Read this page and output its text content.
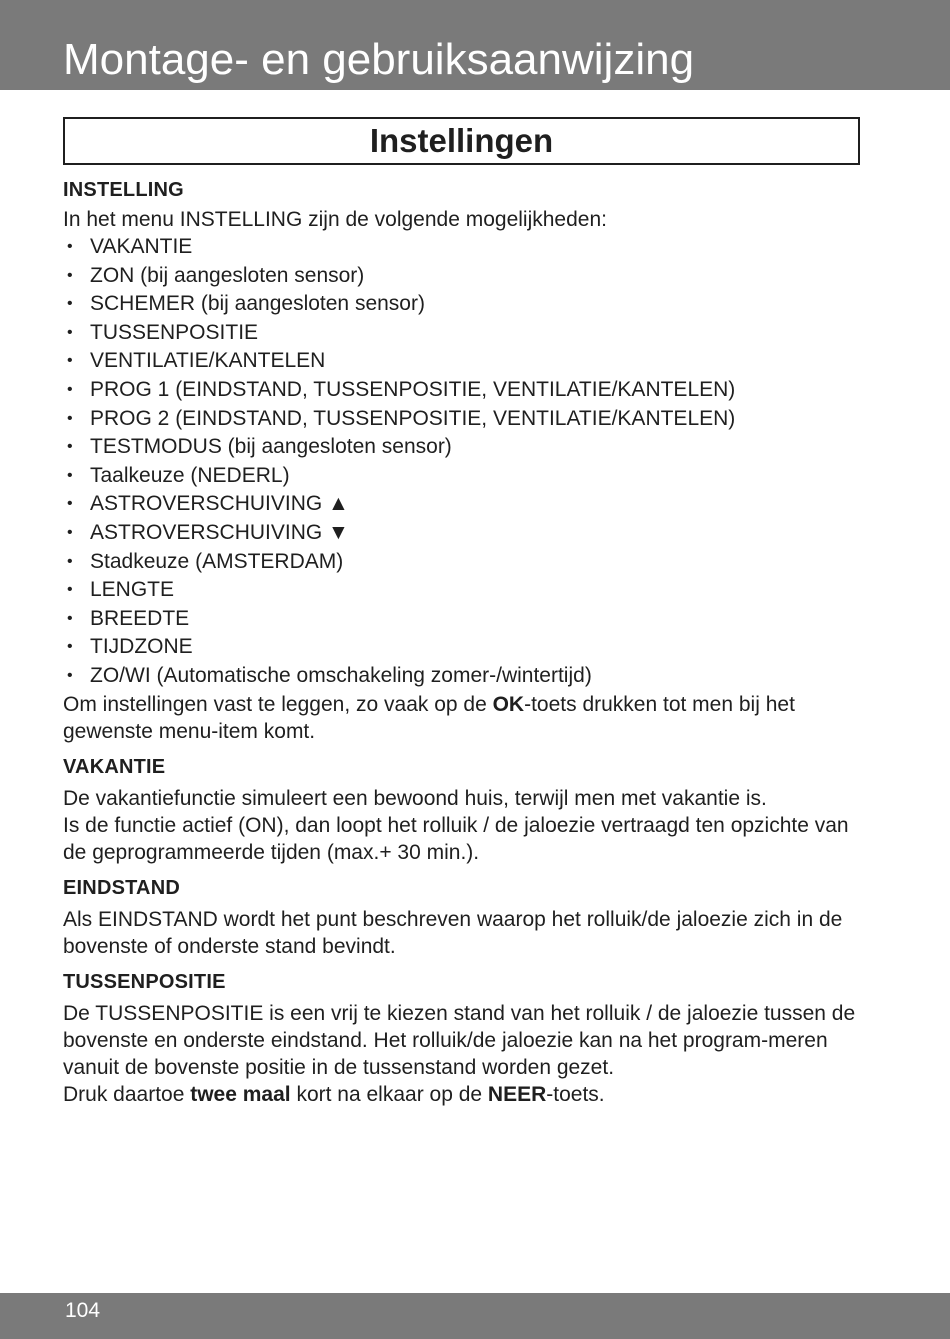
Montage- en gebruiksaanwijzing
Instellingen

INSTELLING

In het menu INSTELLING zijn de volgende mogelijkheden:

• VAKANTIE
• ZON (bij aangesloten sensor)
• SCHEMER (bij aangesloten sensor)
• TUSSENPOSITIE
• VENTILATIE/KANTELEN
• PROG 1 (EINDSTAND, TUSSENPOSITIE, VENTILATIE/KANTELEN)
• PROG 2 (EINDSTAND, TUSSENPOSITIE, VENTILATIE/KANTELEN)
• TESTMODUS (bij aangesloten sensor)
• Taalkeuze (NEDERL)
• ASTROVERSCHUIVING ▲
• ASTROVERSCHUIVING ▼
• Stadkeuze (AMSTERDAM)
• LENGTE
• BREEDTE
• TIJDZONE
• ZO/WI (Automatische omschakeling zomer-/wintertijd)

Om instellingen vast te leggen, zo vaak op de OK-toets drukken tot men bij het gewenste menu-item komt.

VAKANTIE

De vakantiefunctie simuleert een bewoond huis, terwijl men met vakantie is.

Is de functie actief (ON), dan loopt het rolluik / de jaloezie vertraagd ten opzichte van de geprogrammeerde tijden (max.+ 30 min.).

EINDSTAND

Als EINDSTAND wordt het punt beschreven waarop het rolluik/de jaloezie zich in de bovenste of onderste stand bevindt.

TUSSENPOSITIE

De TUSSENPOSITIE is een vrij te kiezen stand van het rolluik / de jaloezie tussen de bovenste en onderste eindstand. Het rolluik/de jaloezie kan na het program-meren vanuit de bovenste positie in de tussenstand worden gezet.

Druk daartoe twee maal kort na elkaar op de NEER-toets.

104
